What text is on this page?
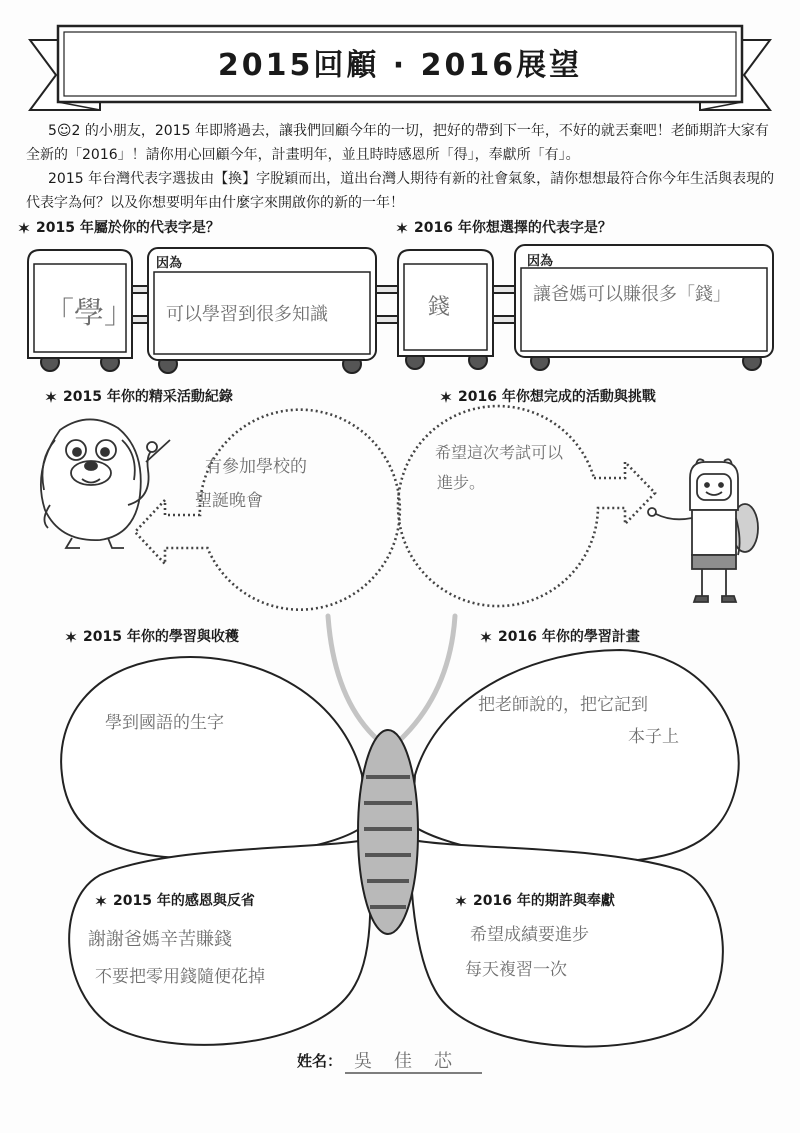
2015回顧 · 2016展望
5☺2 的小朋友，2015 年即將過去，讓我們回顧今年的一切，把好的帶到下一年，不好的就丟棄吧！老師期許大家有全新的「2016」！請你用心回顧今年，計畫明年，並且時時感恩所「得」，奉獻所「有」。
2015 年台灣代表字選拔由【換】字脫穎而出，道出台灣人期待有新的社會氣象，請你想想最符合你今年生活與表現的代表字為何？以及你想要明年由什麼字來開啟你的新的一年！
2015 年屬於你的代表字是？	2016 年你想選擇的代表字是？
因為	因為
「學」 可以學習到很多知識	錢
讓爸媽可以賺很多「錢」
2015 年你的精采活動紀錄	2016 年你想完成的活動與挑戰
有參加學校的
聖誕晚會
希望這次考試可以
進步。
2015 年你的學習與收穫	2016 年你的學習計畫
學到國語的生字
把老師說的，把它記到
本子上
2015 年的感恩與反省	2016 年的期許與奉獻
謝謝爸媽辛苦賺錢
不要把零用錢隨便花掉
希望成績要進步
每天複習一次
姓名： 吳佳芯
